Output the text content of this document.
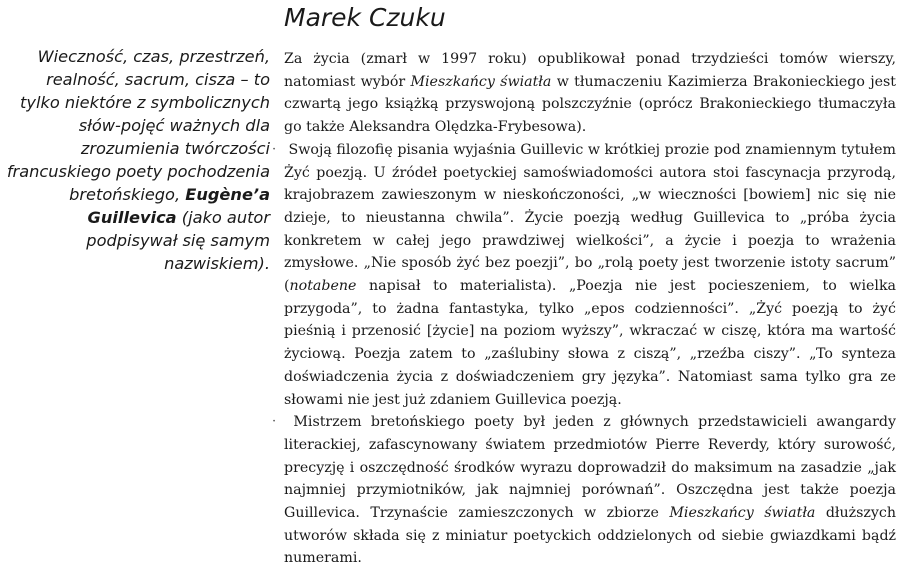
Marek Czuku
Wieczność, czas, przestrzeń, realność, sacrum, cisza – to tylko niektóre z symbolicznych słów-pojęć ważnych dla zrozumienia twórczości francuskiego poety pochodzenia bretońskiego, Eugène’a Guillevica (jako autor podpisywał się samym nazwiskiem).

Za życia (zmarł w 1997 roku) opublikował ponad trzydzieści tomów wierszy, natomiast wybór Mieszkańcy światła w tłumaczeniu Kazimierza Brakonieckiego jest czwartą jego książką przyswojoną polszczyźnie (oprócz Brakonieckiego tłumaczyła go także Aleksandra Olędzka-Frybesowa).

· Swoją filozofię pisania wyjaśnia Guillevic w krótkiej prozie pod znamiennym tytułem Żyć poezją. U źródeł poetyckiej samoświadomości autora stoi fascynacja przyrodą, krajobrazem zawieszonym w nieskończoności, „w wieczności [bowiem] nic się nie dzieje, to nieustanna chwila”. Życie poezją według Guillevica to „próba życia konkretem w całej jego prawdziwej wielkości”, a życie i poezja to wrażenia zmysłowe. „Nie sposób żyć bez poezji”, bo „rolą poety jest tworzenie istoty sacrum” (notabene napisał to materialista). „Poezja nie jest pocieszeniem, to wielka przygoda”, to żadna fantastyka, tylko „epos codzienności”. „Żyć poezją to żyć pieśnią i przenosić [życie] na poziom wyższy”, wkraczać w ciszę, która ma wartość życiową. Poezja zatem to „zaślubiny słowa z ciszą”, „rzeźba ciszy”. „To synteza doświadczenia życia z doświadczeniem gry języka”. Natomiast sama tylko gra ze słowami nie jest już zdaniem Guillevica poezją.

· Mistrzem bretońskiego poety był jeden z głównych przedstawicieli awangardy literackiej, zafascynowany światem przedmiotów Pierre Reverdy, który surowość, precyzję i oszczędność środków wyrazu doprowadził do maksimum na zasadzie „jak najmniej przymiotników, jak najmniej porównań”. Oszczędna jest także poezja Guillevica. Trzynaście zamieszczonych w zbiorze Mieszkańcy światła dłuższych utworów składa się z miniatur poetyckich oddzielonych od siebie gwiazdkami bądź numerami.
